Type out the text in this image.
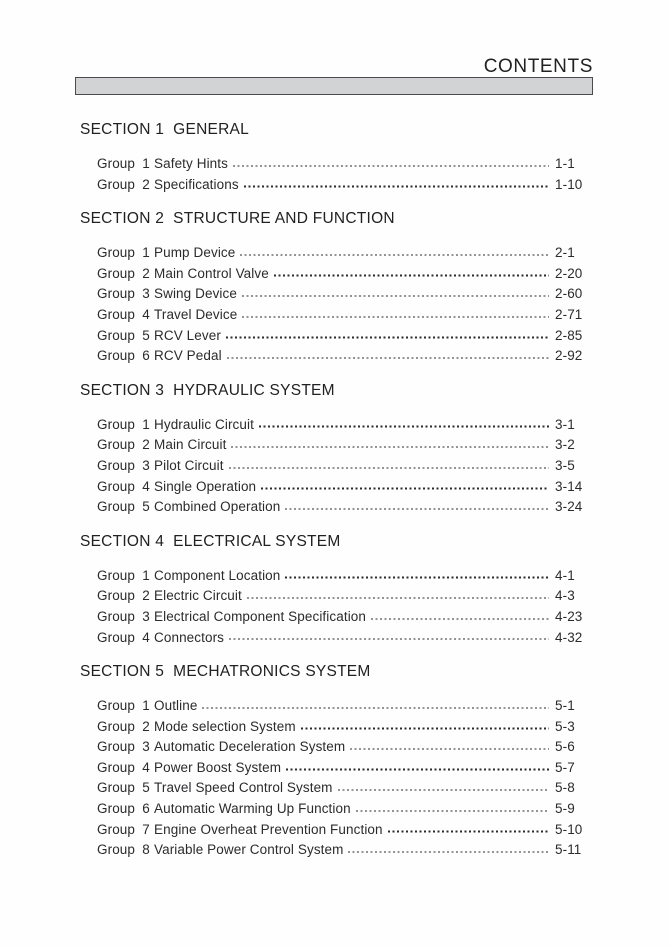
CONTENTS
SECTION 1  GENERAL
Group 1 Safety Hints	1-1
Group 2 Specifications	1-10
SECTION 2  STRUCTURE AND FUNCTION
Group 1 Pump Device	2-1
Group 2 Main Control Valve	2-20
Group 3 Swing Device	2-60
Group 4 Travel Device	2-71
Group 5 RCV Lever	2-85
Group 6 RCV Pedal	2-92
SECTION 3  HYDRAULIC SYSTEM
Group 1 Hydraulic Circuit	3-1
Group 2 Main Circuit	3-2
Group 3 Pilot Circuit	3-5
Group 4 Single Operation	3-14
Group 5 Combined Operation	3-24
SECTION 4  ELECTRICAL SYSTEM
Group 1 Component Location	4-1
Group 2 Electric Circuit	4-3
Group 3 Electrical Component Specification	4-23
Group 4 Connectors	4-32
SECTION 5  MECHATRONICS SYSTEM
Group 1 Outline	5-1
Group 2 Mode selection System	5-3
Group 3 Automatic Deceleration System	5-6
Group 4 Power Boost System	5-7
Group 5 Travel Speed Control System	5-8
Group 6 Automatic Warming Up Function	5-9
Group 7 Engine Overheat Prevention Function	5-10
Group 8 Variable Power Control System	5-11
